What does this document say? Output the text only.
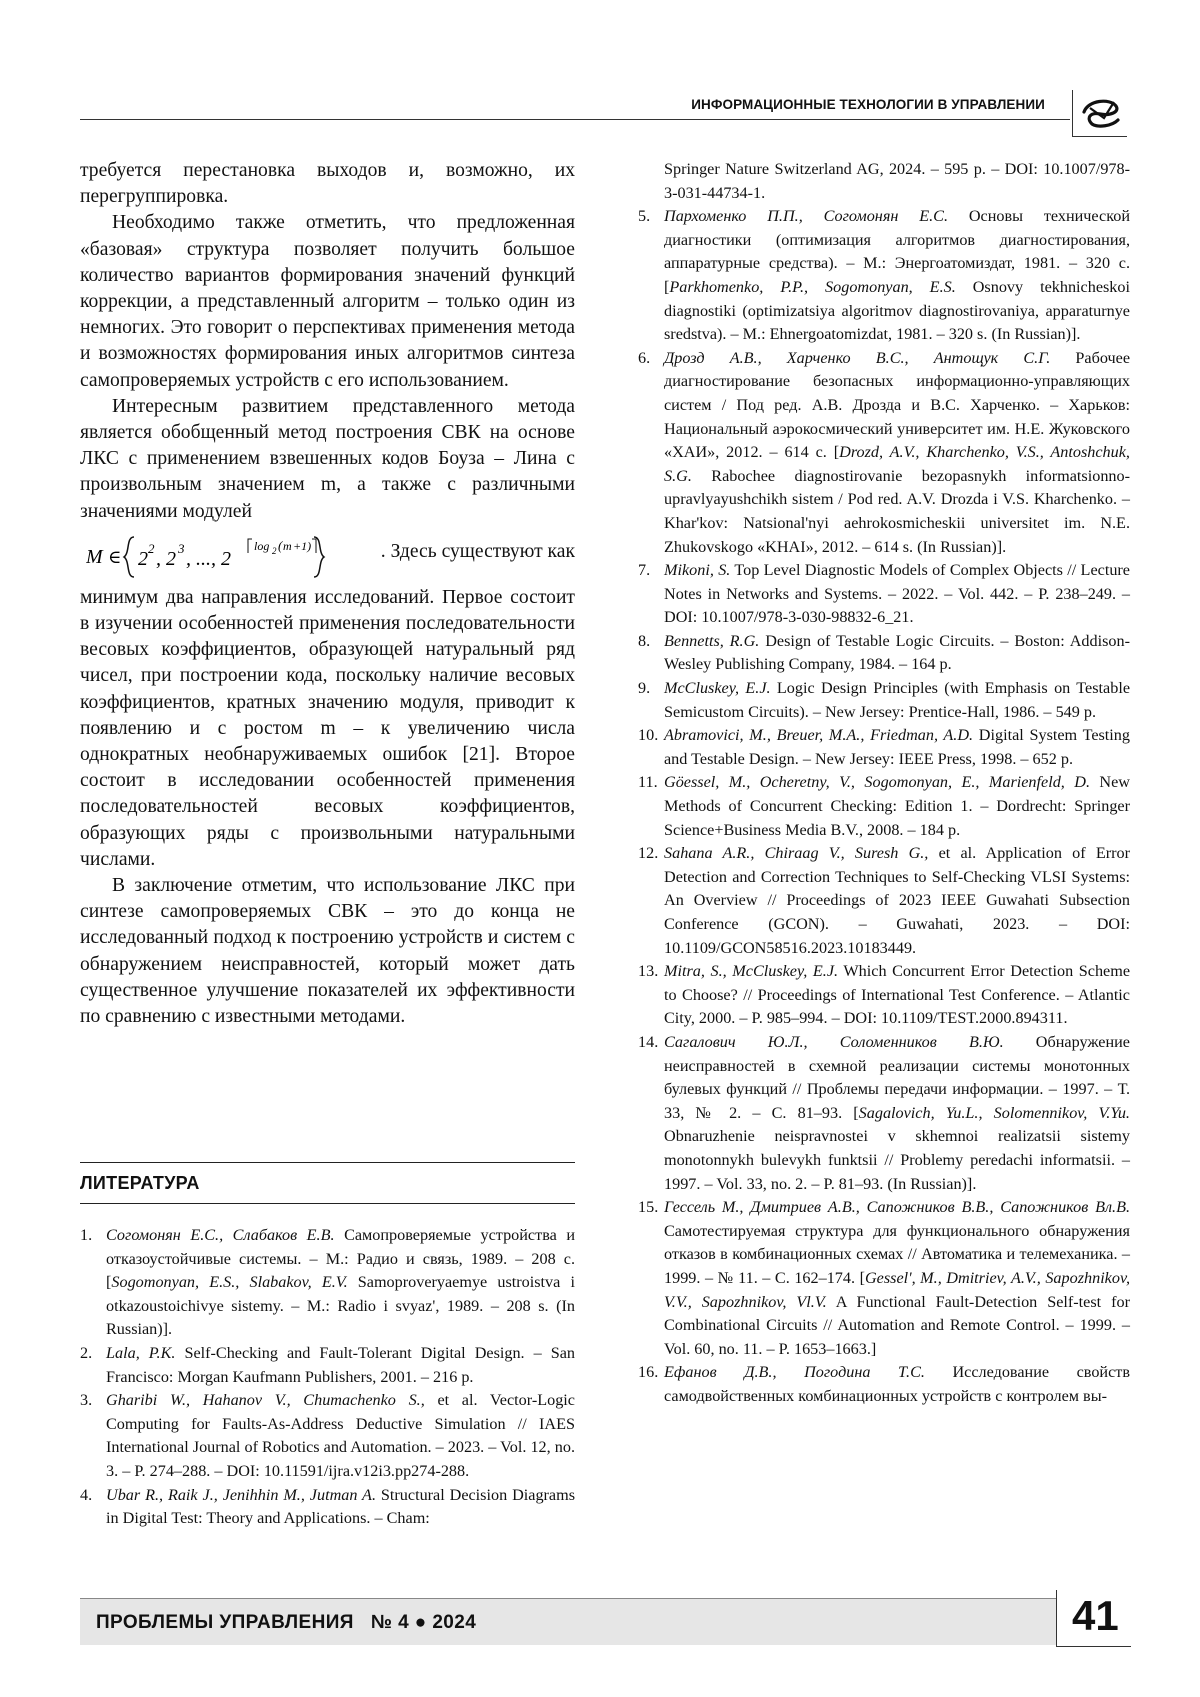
ИНФОРМАЦИОННЫЕ ТЕХНОЛОГИИ В УПРАВЛЕНИИ

требуется перестановка выходов и, возможно, их перегруппировка.

Необходимо также отметить, что предложенная «базовая» структура позволяет получить большое количество вариантов формирования значений функций коррекции, а представленный алгоритм – только один из немногих. Это говорит о перспективах применения метода и возможностях формирования иных алгоритмов синтеза самопроверяемых устройств с его использованием.

Интересным развитием представленного метода является обобщенный метод построения СВК на основе ЛКС с применением взвешенных кодов Боуза – Лина с произвольным значением m, а также с различными значениями модулей

M ∈ 2 2 , 2 3 , ..., 2
log 2 ( m +1)	. Здесь существуют как

минимум два направления исследований. Первое состоит в изучении особенностей применения последовательности весовых коэффициентов, образующей натуральный ряд чисел, при построении кода, поскольку наличие весовых коэффициентов, кратных значению модуля, приводит к появлению и с ростом m – к увеличению числа однократных необнаруживаемых ошибок [21]. Второе состоит в исследовании особенностей применения последовательностей весовых коэффициентов, образующих ряды с произвольными натуральными числами.

В заключение отметим, что использование ЛКС при синтезе самопроверяемых СВК – это до конца не исследованный подход к построению устройств и систем с обнаружением неисправностей, который может дать существенное улучшение показателей их эффективности по сравнению с известными методами.

ЛИТЕРАТУРА
1. Согомонян Е.С., Слабаков Е.В. Самопроверяемые устройства и отказоустойчивые системы. – М.: Радио и связь, 1989. – 208 с. [Sogomonyan, E.S., Slabakov, E.V. Samoproveryaemye ustroistva i otkazoustoichivye sistemy. – M.: Radio i svyaz', 1989. – 208 s. (In Russian)].
2. Lala, P.K. Self-Checking and Fault-Tolerant Digital Design. – San Francisco: Morgan Kaufmann Publishers, 2001. – 216 p.
3. Gharibi W., Hahanov V., Chumachenko S., et al. Vector-Logic Computing for Faults-As-Address Deductive Simulation // IAES International Journal of Robotics and Automation. – 2023. – Vol. 12, no. 3. – P. 274–288. – DOI: 10.11591/ijra.v12i3.pp274-288.
4. Ubar R., Raik J., Jenihhin M., Jutman A. Structural Decision Diagrams in Digital Test: Theory and Applications. – Cham:
Springer Nature Switzerland AG, 2024. – 595 p. – DOI: 10.1007/978-3-031-44734-1.
5. Пархоменко П.П., Согомонян Е.С. Основы технической диагностики (оптимизация алгоритмов диагностирования, аппаратурные средства). – М.: Энергоатомиздат, 1981. – 320 с. [Parkhomenko, P.P., Sogomonyan, E.S. Osnovy tekhnicheskoi diagnostiki (optimizatsiya algoritmov diagnostirovaniya, apparaturnye sredstva). – M.: Ehnergoatomizdat, 1981. – 320 s. (In Russian)].
6. Дрозд А.В., Харченко В.С., Антощук С.Г. Рабочее диагностирование безопасных информационно-управляющих систем / Под ред. А.В. Дрозда и В.С. Харченко. – Харьков: Национальный аэрокосмический университет им. Н.Е. Жуковского «ХАИ», 2012. – 614 с. [Drozd, A.V., Kharchenko, V.S., Antoshchuk, S.G. Rabochee diagnostirovanie bezopasnykh informatsionno-upravlyayushchikh sistem / Pod red. A.V. Drozda i V.S. Kharchenko. – Khar'kov: Natsional'nyi aehrokosmicheskii universitet im. N.E. Zhukovskogo «KHAI», 2012. – 614 s. (In Russian)].
7. Mikoni, S. Top Level Diagnostic Models of Complex Objects // Lecture Notes in Networks and Systems. – 2022. – Vol. 442. – P. 238–249. – DOI: 10.1007/978-3-030-98832-6_21.
8. Bennetts, R.G. Design of Testable Logic Circuits. – Boston: Addison-Wesley Publishing Company, 1984. – 164 p.
9. McCluskey, E.J. Logic Design Principles (with Emphasis on Testable Semicustom Circuits). – New Jersey: Prentice-Hall, 1986. – 549 p.
10. Abramovici, M., Breuer, M.A., Friedman, A.D. Digital System Testing and Testable Design. – New Jersey: IEEE Press, 1998. – 652 p.
11. Göessel, M., Ocheretny, V., Sogomonyan, E., Marienfeld, D. New Methods of Concurrent Checking: Edition 1. – Dordrecht: Springer Science+Business Media B.V., 2008. – 184 p.
12. Sahana A.R., Chiraag V., Suresh G., et al. Application of Error Detection and Correction Techniques to Self-Checking VLSI Systems: An Overview // Proceedings of 2023 IEEE Guwahati Subsection Conference (GCON). – Guwahati, 2023. – DOI: 10.1109/GCON58516.2023.10183449.
13. Mitra, S., McCluskey, E.J. Which Concurrent Error Detection Scheme to Choose? // Proceedings of International Test Conference. – Atlantic City, 2000. – P. 985–994. – DOI: 10.1109/TEST.2000.894311.
14. Сагалович Ю.Л., Соломенников В.Ю. Обнаружение неисправностей в схемной реализации системы монотонных булевых функций // Проблемы передачи информации. – 1997. – Т. 33, № 2. – С. 81–93. [Sagalovich, Yu.L., Solomennikov, V.Yu. Obnaruzhenie neispravnostei v skhemnoi realizatsii sistemy monotonnykh bulevykh funktsii // Problemy peredachi informatsii. – 1997. – Vol. 33, no. 2. – P. 81–93. (In Russian)].
15. Гессель М., Дмитриев А.В., Сапожников В.В., Сапожников Вл.В. Самотестируемая структура для функционального обнаружения отказов в комбинационных схемах // Автоматика и телемеханика. – 1999. – № 11. – С. 162–174. [Gessel', M., Dmitriev, A.V., Sapozhnikov, V.V., Sapozhnikov, Vl.V. A Functional Fault-Detection Self-test for Combinational Circuits // Automation and Remote Control. – 1999. – Vol. 60, no. 11. – P. 1653–1663.]
16. Ефанов Д.В., Погодина Т.С. Исследование свойств самодвойственных комбинационных устройств с контролем вы-
ПРОБЛЕМЫ УПРАВЛЕНИЯ   № 4 ● 2024	41
